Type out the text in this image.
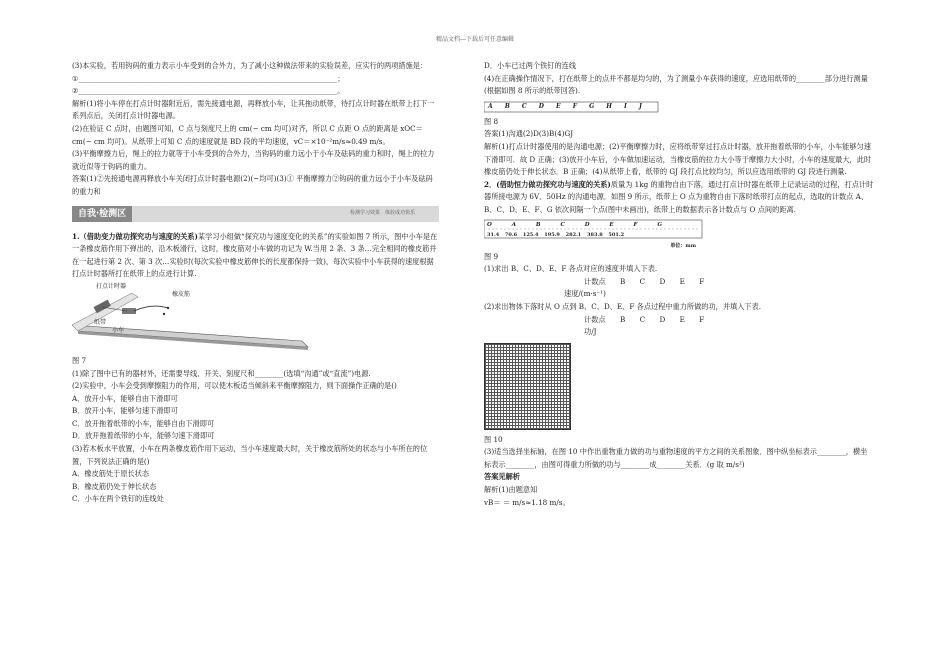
精品文档---下载后可任意编辑

(3)本实验，若用钩码的重力表示小车受到的合外力，为了减小这种做法带来的实验误差，应实行的两项措施是：

①________________________________________________________________________；

②________________________________________________________________________。

解析(1)将小车停在打点计时器附近后，需先接通电源，再释放小车，让其拖动纸带，待打点计时器在纸带上打下一系列点后，关闭打点计时器电源。

(2)在验证 C 点时，由题图可知，C 点与刻度尺上的 cm(− cm 均可)对齐，所以 C 点距 O 点的距离是 xOC＝ cm(− cm 均可)。从纸带上可知 C 点的速度就是 BD 段的平均速度，vC＝×10⁻²m/s≈0.49 m/s。

(3)平衡摩擦力后，绳上的拉力就等于小车受到的合外力，当钩码的重力远小于小车及砝码的重力和时，绳上的拉力就近似等于钩码的重力。

答案(1)②先接通电源再释放小车关闭打点计时器电源(2)(~均可)(3)① 平衡摩擦力②钩码的重力远小于小车及砝码的重力和

自我·检测区	检测学习效果　体验成功快乐

1.（借助变力做功探究功与速度的关系)某学习小组做“探究功与速度变化的关系”的实验如图 7 所示，图中小车是在一条橡皮筋作用下弹出的，沿木板滑行，这时，橡皮筋对小车做的功记为 W.当用 2 条、3 条…完全相同的橡皮筋并在一起进行第 2 次、第 3 次…实验时(每次实验中橡皮筋伸长的长度都保持一致)，每次实验中小车获得的速度根据打点计时器所打在纸带上的点进行计算.

打点计时器
橡皮筋
纸带
小车

图 7

(1)除了图中已有的器材外，还需要导线、开关、刻度尺和________(选填“沟通”或“直流”)电源.

(2)实验中，小车会受到摩擦阻力的作用，可以使木板适当倾斜来平衡摩擦阻力，则下面操作正确的是()

A．放开小车，能够自由下滑即可

B．放开小车，能够匀速下滑即可

C．放开拖着纸带的小车，能够自由下滑即可

D．放开拖着纸带的小车，能够匀速下滑即可

(3)若木板水平放置，小车在两条橡皮筋作用下运动，当小车速度最大时，关于橡皮筋所处的状态与小车所在的位置，下列说法正确的是()

A．橡皮筋处于原长状态

B．橡皮筋仍处于伸长状态

C．小车在两个铁钉的连线处

D．小车已过两个铁钉的连线

(4)在正确操作情况下，打在纸带上的点并不都是均匀的，为了测量小车获得的速度，应选用纸带的________部分进行测量(根据如图 8 所示的纸带回答).

A B C D E F G H I J

图 8

答案(1)沟通(2)D(3)B(4)GJ

解析(1)打点计时器使用的是沟通电源；(2)平衡摩擦力时，应将纸带穿过打点计时器，放开拖着纸带的小车，小车能够匀速下滑即可．故 D 正确；(3)放开小车后，小车做加速运动，当橡皮筋的拉力大小等于摩擦力大小时，小车的速度最大，此时橡皮筋仍处于伸长状态．B 正确；(4)从纸带上看，纸带的 GJ 段打点比较均匀，所以应选用纸带的 GJ 段进行测量.

2．(借助恒力做功探究功与速度的关系)质量为 1kg 的重物自由下落，通过打点计时器在纸带上记录运动的过程，打点计时器所接电源为 6V、50Hz 的沟通电源．如图 9 所示，纸带上 O 点为重物自由下落时纸带打点的起点，选取的计数点 A、B、C、D、E、F、G 依次间隔一个点(图中未画出)，纸带上的数据表示各计数点与 O 点间的距离.

O A B C D E F G
31.4 70.6 125.4 195.9 282.1 383.8 501.2
单位：mm

图 9

(1)求出 B、C、D、E、F 各点对应的速度并填入下表.

计数点　　B　　C　　D　　E　　F

速度/(m·s⁻¹)

(2)求出物体下落时从 O 点到 B、C、D、E、F 各点过程中重力所做的功，并填入下表.

计数点　　B　　C　　D　　E　　F

功/J

图 10

(3)适当选择坐标轴，在图 10 中作出重物重力做的功与重物速度的平方之间的关系图象．图中纵坐标表示________，横坐标表示________，由图可得重力所做的功与________成________关系．(g 取 m/s²)

答案见解析

解析(1)由题意知

vB＝ ＝ m/s≈1.18 m/s。
